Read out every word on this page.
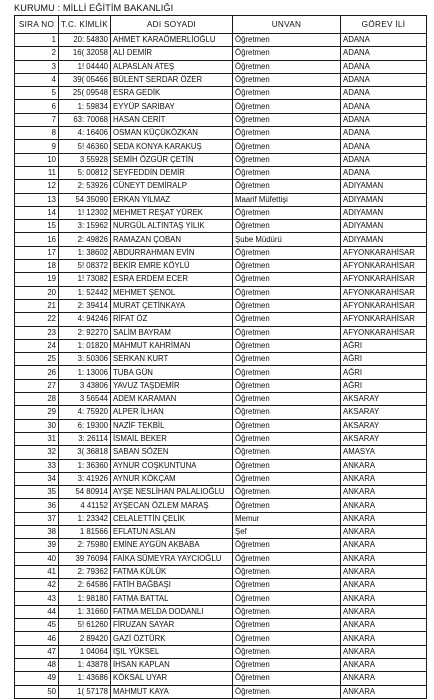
KURUMU : MİLLİ EĞİTİM BAKANLIĞI
SIRA NO	T.C. KİMLİK	ADI SOYADI	UNVAN	GÖREV İLİ
1	20: 54830	AHMET KARAÖMERLİOĞLU	Öğretmen	ADANA
2	16( 32058	ALİ DEMİR	Öğretmen	ADANA
3	1! 04440	ALPASLAN ATEŞ	Öğretmen	ADANA
4	39( 05466	BÜLENT SERDAR ÖZER	Öğretmen	ADANA
5	25( 09548	ESRA GEDİK	Öğretmen	ADANA
6	1: 59834	EYYÜP SARIBAY	Öğretmen	ADANA
7	63: 70068	HASAN CERİT	Öğretmen	ADANA
8	4: 16406	OSMAN KÜÇÜKÖZKAN	Öğretmen	ADANA
9	5! 46360	SEDA KONYA KARAKUŞ	Öğretmen	ADANA
10	3 55928	SEMİH ÖZGÜR ÇETİN	Öğretmen	ADANA
11	5: 00812	SEYFEDDİN DEMİR	Öğretmen	ADANA
12	2: 53926	CÜNEYT DEMİRALP	Öğretmen	ADIYAMAN
13	54 35090	ERKAN YILMAZ	Maarif Müfettişi	ADIYAMAN
14	1! 12302	MEHMET REŞAT YÜREK	Öğretmen	ADIYAMAN
15	3: 15962	NURGÜL ALTINTAŞ YILIK	Öğretmen	ADIYAMAN
16	2: 49826	RAMAZAN ÇOBAN	Şube Müdürü	ADIYAMAN
17	1: 38602	ABDURRAHMAN EVİN	Öğretmen	AFYONKARAHİSAR
18	5! 08372	BEKİR EMRE KÖYLÜ	Öğretmen	AFYONKARAHİSAR
19	1! 73082	ESRA ERDEM ECER	Öğretmen	AFYONKARAHİSAR
20	1: 52442	MEHMET ŞENOL	Öğretmen	AFYONKARAHİSAR
21	2: 39414	MURAT ÇETİNKAYA	Öğretmen	AFYONKARAHİSAR
22	4: 94246	RİFAT ÖZ	Öğretmen	AFYONKARAHİSAR
23	2: 92270	SALİM BAYRAM	Öğretmen	AFYONKARAHİSAR
24	1: 01820	MAHMUT KAHRİMAN	Öğretmen	AĞRI
25	3: 50306	SERKAN KURT	Öğretmen	AĞRI
26	1: 13006	TUBA GÜN	Öğretmen	AĞRI
27	3 43806	YAVUZ TAŞDEMİR	Öğretmen	AĞRI
28	3 56544	ADEM KARAMAN	Öğretmen	AKSARAY
29	4: 75920	ALPER İLHAN	Öğretmen	AKSARAY
30	6: 19300	NAZİF TEKBİL	Öğretmen	AKSARAY
31	3: 26114	İSMAİL BEKER	Öğretmen	AKSARAY
32	3( 36818	SABAN SÖZEN	Öğretmen	AMASYA
33	1: 36360	AYNUR COŞKUNTUNA	Öğretmen	ANKARA
34	3: 41926	AYNUR KÖKÇAM	Öğretmen	ANKARA
35	54 80914	AYŞE NESLİHAN PALALIOĞLU	Öğretmen	ANKARA
36	4 41152	AYŞECAN ÖZLEM MARAŞ	Öğretmen	ANKARA
37	1: 23342	CELALETTİN ÇELİK	Memur	ANKARA
38	1 81566	EFLATUN ASLAN	Şef	ANKARA
39	2: 75980	EMİNE AYGÜN AKBABA	Öğretmen	ANKARA
40	39 76094	FAİKA SÜMEYRA YAYCIOĞLU	Öğretmen	ANKARA
41	2: 79362	FATMA KÜLÜK	Öğretmen	ANKARA
42	2: 64586	FATİH BAĞBAŞI	Öğretmen	ANKARA
43	1: 98180	FATMA BATTAL	Öğretmen	ANKARA
44	1: 31660	FATMA MELDA DODANLI	Öğretmen	ANKARA
45	5! 61260	FİRUZAN SAYAR	Öğretmen	ANKARA
46	2 89420	GAZİ ÖZTÜRK	Öğretmen	ANKARA
47	1 04064	IŞIL YÜKSEL	Öğretmen	ANKARA
48	1: 43878	İHSAN KAPLAN	Öğretmen	ANKARA
49	1: 43686	KÖKSAL UYAR	Öğretmen	ANKARA
50	1( 57178	MAHMUT KAYA	Öğretmen	ANKARA
